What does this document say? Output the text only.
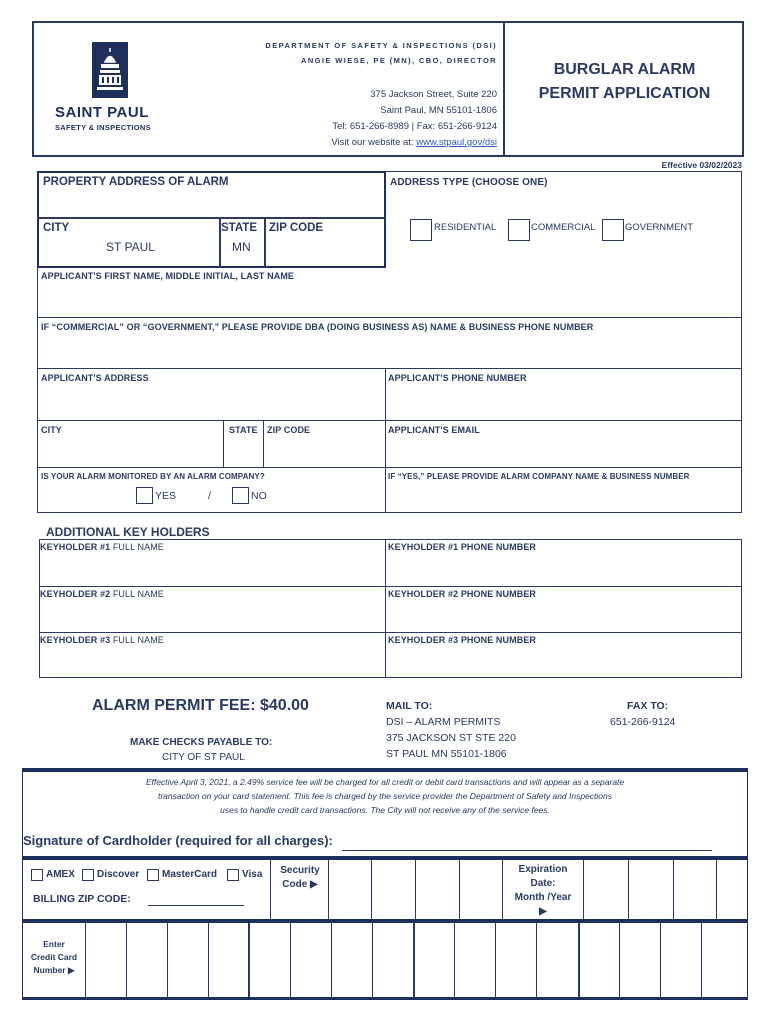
SAINT PAUL
SAFETY & INSPECTIONS
DEPARTMENT OF SAFETY & INSPECTIONS (DSI)
ANGIE WIESE, PE (MN), CBO, DIRECTOR
375 Jackson Street, Suite 220
Saint Paul, MN 55101-1806
Tel: 651-266-8989 | Fax: 651-266-9124
Visit our website at: www.stpaul.gov/dsi
BURGLAR ALARM
PERMIT APPLICATION
Effective 03/02/2023
PROPERTY ADDRESS OF ALARM
CITY
ST PAUL
STATE
MN
ZIP CODE
ADDRESS TYPE (CHOOSE ONE)
RESIDENTIAL	COMMERCIAL	GOVERNMENT
APPLICANT'S FIRST NAME, MIDDLE INITIAL, LAST NAME
IF “COMMERCIAL” OR “GOVERNMENT,” PLEASE PROVIDE DBA (DOING BUSINESS AS) NAME & BUSINESS PHONE NUMBER
APPLICANT'S ADDRESS	APPLICANT'S PHONE NUMBER
CITY	STATE ZIP CODE	APPLICANT'S EMAIL
IS YOUR ALARM MONITORED BY AN ALARM COMPANY?
YES	/	NO
IF “YES,” PLEASE PROVIDE ALARM COMPANY NAME & BUSINESS NUMBER
ADDITIONAL KEY HOLDERS
KEYHOLDER #1 FULL NAME	KEYHOLDER #1 PHONE NUMBER
KEYHOLDER #2 FULL NAME	KEYHOLDER #2 PHONE NUMBER
KEYHOLDER #3 FULL NAME	KEYHOLDER #3 PHONE NUMBER
ALARM PERMIT FEE: $40.00
MAKE CHECKS PAYABLE TO:
CITY OF ST PAUL
MAIL TO:
DSI – ALARM PERMITS
375 JACKSON ST STE 220
ST PAUL MN 55101-1806
FAX TO:
651-266-9124
Effective April 3, 2021, a 2.49% service fee will be charged for all credit or debit card transactions and will appear as a separate
transaction on your card statement. This fee is charged by the service provider the Department of Safety and Inspections
uses to handle credit card transactions. The City will not receive any of the service fees.
Signature of Cardholder (required for all charges):
AMEX Discover MasterCard Visa
BILLING ZIP CODE:
Security
Code ▶
Expiration
Date:
Month /Year
▶
Enter
Credit Card
Number ▶
